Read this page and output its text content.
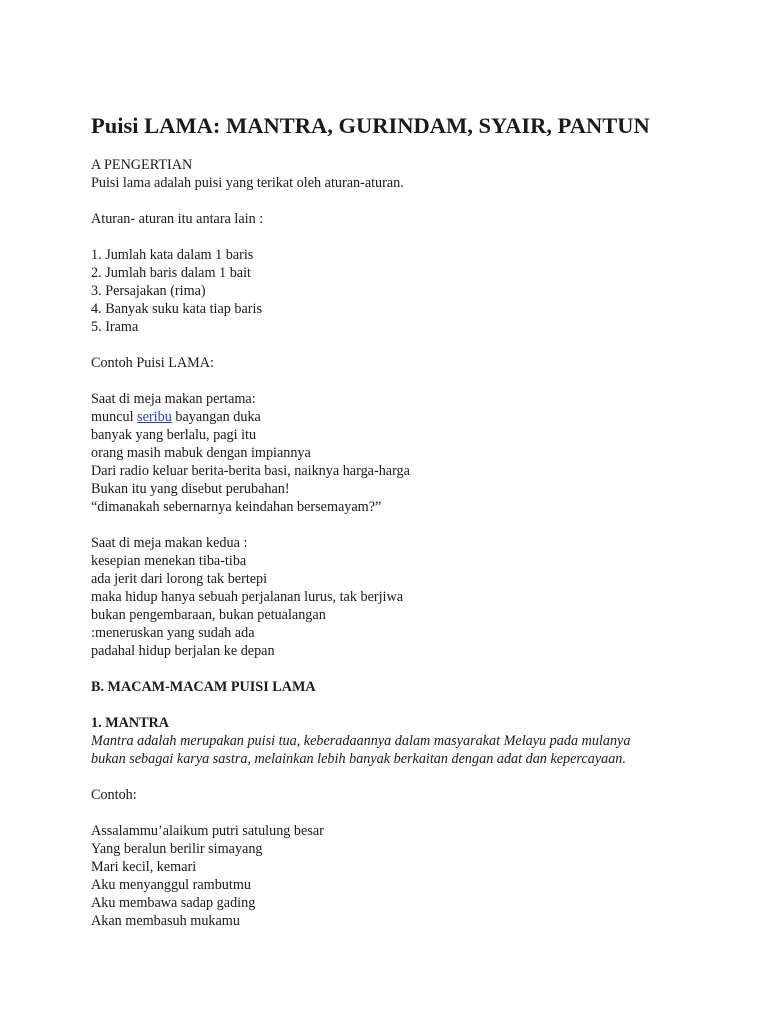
Puisi LAMA: MANTRA, GURINDAM, SYAIR, PANTUN
A PENGERTIAN
Puisi lama adalah puisi yang terikat oleh aturan-aturan.
Aturan- aturan itu antara lain :
1. Jumlah kata dalam 1 baris
2. Jumlah baris dalam 1 bait
3. Persajakan (rima)
4. Banyak suku kata tiap baris
5. Irama
Contoh Puisi LAMA:
Saat di meja makan pertama:
muncul seribu bayangan duka
banyak yang berlalu, pagi itu
orang masih mabuk dengan impiannya
Dari radio keluar berita-berita basi, naiknya harga-harga
Bukan itu yang disebut perubahan!
“dimanakah sebernarnya keindahan bersemayam?”
Saat di meja makan kedua :
kesepian menekan tiba-tiba
ada jerit dari lorong tak bertepi
maka hidup hanya sebuah perjalanan lurus, tak berjiwa
bukan pengembaraan, bukan petualangan
:meneruskan yang sudah ada
padahal hidup berjalan ke depan
B. MACAM-MACAM PUISI LAMA
1. MANTRA
Mantra adalah merupakan puisi tua, keberadaannya dalam masyarakat Melayu pada mulanya
bukan sebagai karya sastra, melainkan lebih banyak berkaitan dengan adat dan kepercayaan.
Contoh:
Assalammu’alaikum putri satulung besar
Yang beralun berilir simayang
Mari kecil, kemari
Aku menyanggul rambutmu
Aku membawa sadap gading
Akan membasuh mukamu
